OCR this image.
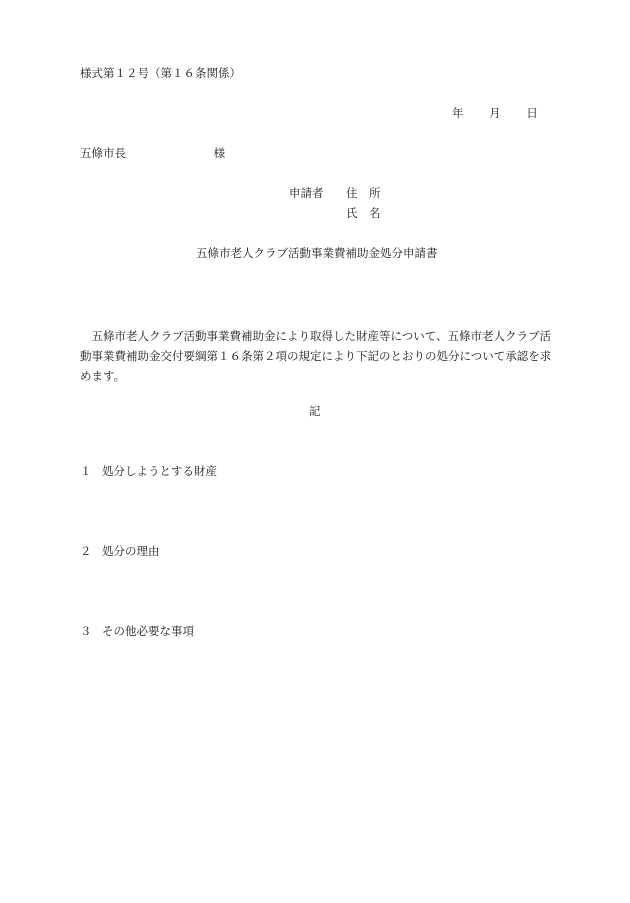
様式第１２号（第１６条関係）
年 月 日
五條市長	様
申請者 住　所
氏　名
五條市老人クラブ活動事業費補助金処分申請書
五條市老人クラブ活動事業費補助金により取得した財産等について、五條市老人クラブ活動事業費補助金交付要綱第１６条第２項の規定により下記のとおりの処分について承認を求めます。
記
１ 処分しようとする財産
２ 処分の理由
３ その他必要な事項
